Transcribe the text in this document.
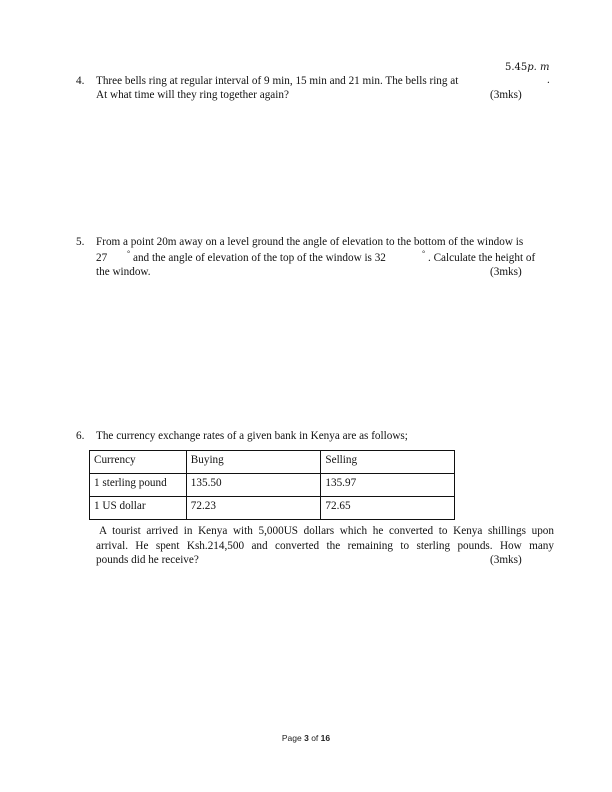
5.45p. m
4. Three bells ring at regular interval of 9 min, 15 min and 21 min. The bells ring at	.
At what time will they ring together again?	(3mks)
5. From a point 20m away on a level ground the angle of elevation to the bottom of the window is
27 ° and the angle of elevation of the top of the window is 32	° . Calculate the height of
the window.	(3mks)
6. The currency exchange rates of a given bank in Kenya are as follows;
Currency	Buying	Selling
1 sterling pound	135.50	135.97
1 US dollar	72.23	72.65
A tourist arrived in Kenya with 5,000US dollars which he converted to Kenya shillings upon
arrival. He spent Ksh.214,500 and converted the remaining to sterling pounds. How many
pounds did he receive?	(3mks)
Page 3 of 16
